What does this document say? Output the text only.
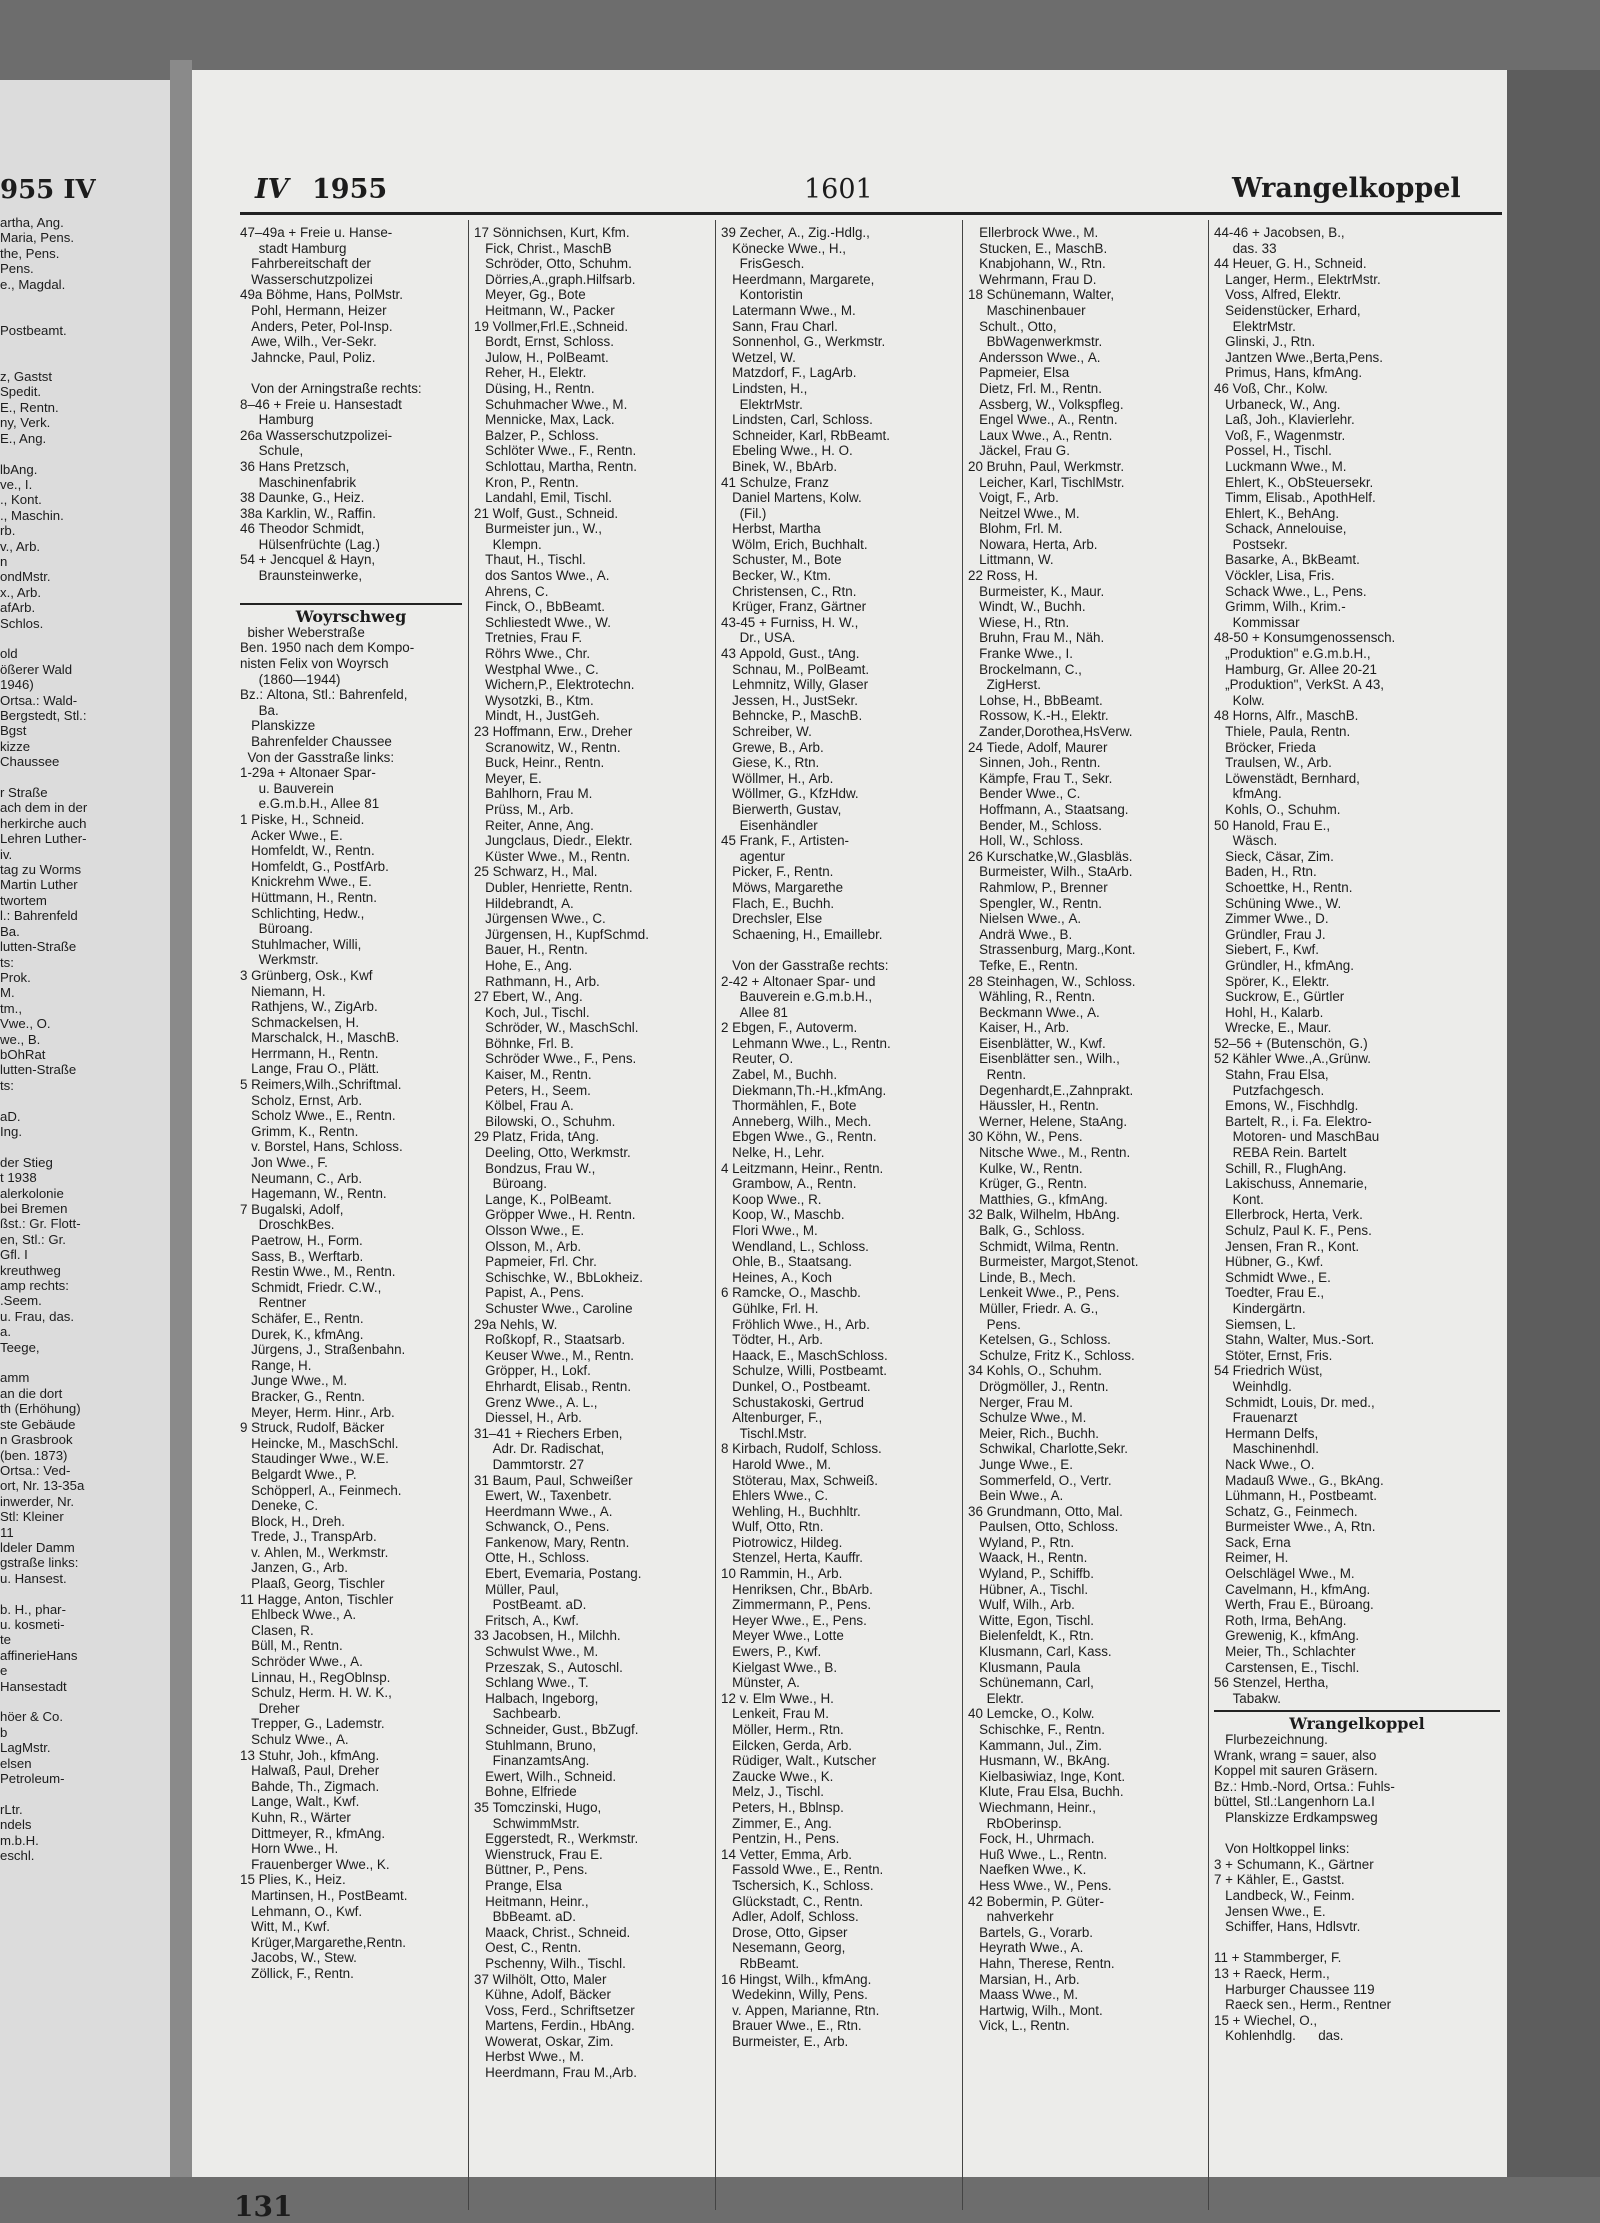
955 IV
artha, Ang.
Maria, Pens.
the, Pens.
Pens.
e., Magdal.

Postbeamt.

z, Gastst
Spedit.
E., Rentn.
ny, Verk.
E., Ang.

lbAng.
ve., I.
., Kont.
., Maschin.
rb.
v., Arb.
n
ondMstr.
x., Arb.
afArb.
Schlos.

old
ößerer Wald
1946)
Ortsa.: Wald-
Bergstedt, Stl.:
Bgst
kizze
Chaussee

r Straße
ach dem in der
herkirche auch
Lehren Luther-
iv.
tag zu Worms
Martin Luther
twortem
l.: Bahrenfeld
Ba.
lutten-Straße
ts:
Prok.
M.
tm.,
Vwe., O.
we., B.
bOhRat
lutten-Straße
ts:

aD.
Ing.

der Stieg
t 1938
alerkolonie
bei Bremen
ßst.: Gr. Flott-
en, Stl.: Gr.
Gfl. I
kreuthweg
amp rechts:
.Seem.
u. Frau, das.
a.
Teege,

amm
an die dort
th (Erhöhung)
ste Gebäude
n Grasbrook
(ben. 1873)
Ortsa.: Ved-
ort, Nr. 13-35a
inwerder, Nr.
Stl: Kleiner
11
ldeler Damm
gstraße links:
u. Hansest.

b. H., phar-
u. kosmeti-
te
affinerieHans
e
Hansestadt

höer & Co.
b
LagMstr.
elsen
Petroleum-

rLtr.
ndels
m.b.H.
eschl.
IV 1955	1601	Wrangelkoppel
47–49a + Freie u. Hanse-
stadt Hamburg
Fahrbereitschaft der
Wasserschutzpolizei
49a Böhme, Hans, PolMstr.
Pohl, Hermann, Heizer
Anders, Peter, Pol-Insp.
Awe, Wilh., Ver-Sekr.
Jahncke, Paul, Poliz.

Von der Arningstraße rechts:
8–46 + Freie u. Hansestadt
Hamburg
26a Wasserschutzpolizei-
Schule,
36 Hans Pretzsch,
Maschinenfabrik
38 Daunke, G., Heiz.
38a Karklin, W., Raffin.
46 Theodor Schmidt,
Hülsenfrüchte (Lag.)
54 + Jencquel & Hayn,
Braunsteinwerke,

Woyrschweg
bisher Weberstraße
Ben. 1950 nach dem Kompo-
nisten Felix von Woyrsch
(1860—1944)
Bz.: Altona, Stl.: Bahrenfeld,
Ba.
Planskizze
Bahrenfelder Chaussee
Von der Gasstraße links:
1-29a + Altonaer Spar-
u. Bauverein
e.G.m.b.H., Allee 81
1 Piske, H., Schneid.
Acker Wwe., E.
Homfeldt, W., Rentn.
Homfeldt, G., PostfArb.
Knickrehm Wwe., E.
Hüttmann, H., Rentn.
Schlichting, Hedw.,
Büroang.
Stuhlmacher, Willi,
Werkmstr.
3 Grünberg, Osk., Kwf
Niemann, H.
Rathjens, W., ZigArb.
Schmackelsen, H.
Marschalck, H., MaschB.
Herrmann, H., Rentn.
Lange, Frau O., Plätt.
5 Reimers,Wilh.,Schriftmal.
Scholz, Ernst, Arb.
Scholz Wwe., E., Rentn.
Grimm, K., Rentn.
v. Borstel, Hans, Schloss.
Jon Wwe., F.
Neumann, C., Arb.
Hagemann, W., Rentn.
7 Bugalski, Adolf,
DroschkBes.
Paetrow, H., Form.
Sass, B., Werftarb.
Restin Wwe., M., Rentn.
Schmidt, Friedr. C.W.,
Rentner
Schäfer, E., Rentn.
Durek, K., kfmAng.
Jürgens, J., Straßenbahn.
Range, H.
Junge Wwe., M.
Bracker, G., Rentn.
Meyer, Herm. Hinr., Arb.
9 Struck, Rudolf, Bäcker
Heincke, M., MaschSchl.
Staudinger Wwe., W.E.
Belgardt Wwe., P.
Schöpperl, A., Feinmech.
Deneke, C.
Block, H., Dreh.
Trede, J., TranspArb.
v. Ahlen, M., Werkmstr.
Janzen, G., Arb.
Plaaß, Georg, Tischler
11 Hagge, Anton, Tischler
Ehlbeck Wwe., A.
Clasen, R.
Büll, M., Rentn.
Schröder Wwe., A.
Linnau, H., RegOblnsp.
Schulz, Herm. H. W. K.,
Dreher
Trepper, G., Lademstr.
Schulz Wwe., A.
13 Stuhr, Joh., kfmAng.
Halwaß, Paul, Dreher
Bahde, Th., Zigmach.
Lange, Walt., Kwf.
Kuhn, R., Wärter
Dittmeyer, R., kfmAng.
Horn Wwe., H.
Frauenberger Wwe., K.
15 Plies, K., Heiz.
Martinsen, H., PostBeamt.
Lehmann, O., Kwf.
Witt, M., Kwf.
Krüger,Margarethe,Rentn.
Jacobs, W., Stew.
Zöllick, F., Rentn.
17 Sönnichsen, Kurt, Kfm.
Fick, Christ., MaschB
Schröder, Otto, Schuhm.
Dörries,A.,graph.Hilfsarb.
Meyer, Gg., Bote
Heitmann, W., Packer
19 Vollmer,Frl.E.,Schneid.
Bordt, Ernst, Schloss.
Julow, H., PolBeamt.
Reher, H., Elektr.
Düsing, H., Rentn.
Schuhmacher Wwe., M.
Mennicke, Max, Lack.
Balzer, P., Schloss.
Schlöter Wwe., F., Rentn.
Schlottau, Martha, Rentn.
Kron, P., Rentn.
Landahl, Emil, Tischl.
21 Wolf, Gust., Schneid.
Burmeister jun., W.,
Klempn.
Thaut, H., Tischl.
dos Santos Wwe., A.
Ahrens, C.
Finck, O., BbBeamt.
Schliestedt Wwe., W.
Tretnies, Frau F.
Röhrs Wwe., Chr.
Westphal Wwe., C.
Wichern,P., Elektrotechn.
Wysotzki, B., Ktm.
Mindt, H., JustGeh.
23 Hoffmann, Erw., Dreher
Scranowitz, W., Rentn.
Buck, Heinr., Rentn.
Meyer, E.
Bahlhorn, Frau M.
Prüss, M., Arb.
Reiter, Anne, Ang.
Jungclaus, Diedr., Elektr.
Küster Wwe., M., Rentn.
25 Schwarz, H., Mal.
Dubler, Henriette, Rentn.
Hildebrandt, A.
Jürgensen Wwe., C.
Jürgensen, H., KupfSchmd.
Bauer, H., Rentn.
Hohe, E., Ang.
Rathmann, H., Arb.
27 Ebert, W., Ang.
Koch, Jul., Tischl.
Schröder, W., MaschSchl.
Böhnke, Frl. B.
Schröder Wwe., F., Pens.
Kaiser, M., Rentn.
Peters, H., Seem.
Kölbel, Frau A.
Bilowski, O., Schuhm.
29 Platz, Frida, tAng.
Deeling, Otto, Werkmstr.
Bondzus, Frau W.,
Büroang.
Lange, K., PolBeamt.
Gröpper Wwe., H. Rentn.
Olsson Wwe., E.
Olsson, M., Arb.
Papmeier, Frl. Chr.
Schischke, W., BbLokheiz.
Papist, A., Pens.
Schuster Wwe., Caroline
29a Nehls, W.
Roßkopf, R., Staatsarb.
Keuser Wwe., M., Rentn.
Gröpper, H., Lokf.
Ehrhardt, Elisab., Rentn.
Grenz Wwe., A. L.,
Diessel, H., Arb.
31–41 + Riechers Erben,
Adr. Dr. Radischat,
Dammtorstr. 27
31 Baum, Paul, Schweißer
Ewert, W., Taxenbetr.
Heerdmann Wwe., A.
Schwanck, O., Pens.
Fankenow, Mary, Rentn.
Otte, H., Schloss.
Ebert, Evemaria, Postang.
Müller, Paul,
PostBeamt. aD.
Fritsch, A., Kwf.
33 Jacobsen, H., Milchh.
Schwulst Wwe., M.
Przeszak, S., Autoschl.
Schlang Wwe., T.
Halbach, Ingeborg,
Sachbearb.
Schneider, Gust., BbZugf.
Stuhlmann, Bruno,
FinanzamtsAng.
Ewert, Wilh., Schneid.
Bohne, Elfriede
35 Tomczinski, Hugo,
SchwimmMstr.
Eggerstedt, R., Werkmstr.
Wienstruck, Frau E.
Büttner, P., Pens.
Prange, Elsa
Heitmann, Heinr.,
BbBeamt. aD.
Maack, Christ., Schneid.
Oest, C., Rentn.
Pschenny, Wilh., Tischl.
37 Wilhölt, Otto, Maler
Kühne, Adolf, Bäcker
Voss, Ferd., Schriftsetzer
Martens, Ferdin., HbAng.
Wowerat, Oskar, Zim.
Herbst Wwe., M.
Heerdmann, Frau M.,Arb.
39 Zecher, A., Zig.-Hdlg.,
Könecke Wwe., H.,
FrisGesch.
Heerdmann, Margarete,
Kontoristin
Latermann Wwe., M.
Sann, Frau Charl.
Sonnenhol, G., Werkmstr.
Wetzel, W.
Matzdorf, F., LagArb.
Lindsten, H.,
ElektrMstr.
Lindsten, Carl, Schloss.
Schneider, Karl, RbBeamt.
Ebeling Wwe., H. O.
Binek, W., BbArb.
41 Schulze, Franz
Daniel Martens, Kolw.
(Fil.)
Herbst, Martha
Wölm, Erich, Buchhalt.
Schuster, M., Bote
Becker, W., Ktm.
Christensen, C., Rtn.
Krüger, Franz, Gärtner
43-45 + Furniss, H. W.,
Dr., USA.
43 Appold, Gust., tAng.
Schnau, M., PolBeamt.
Lehmnitz, Willy, Glaser
Jessen, H., JustSekr.
Behncke, P., MaschB.
Schreiber, W.
Grewe, B., Arb.
Giese, K., Rtn.
Wöllmer, H., Arb.
Wöllmer, G., KfzHdw.
Bierwerth, Gustav,
Eisenhändler
45 Frank, F., Artisten-
agentur
Picker, F., Rentn.
Möws, Margarethe
Flach, E., Buchh.
Drechsler, Else
Schaening, H., Emaillebr.

Von der Gasstraße rechts:
2-42 + Altonaer Spar- und
Bauverein e.G.m.b.H.,
Allee 81
2 Ebgen, F., Autoverm.
Lehmann Wwe., L., Rentn.
Reuter, O.
Zabel, M., Buchh.
Diekmann,Th.-H.,kfmAng.
Thormählen, F., Bote
Anneberg, Wilh., Mech.
Ebgen Wwe., G., Rentn.
Nelke, H., Lehr.
4 Leitzmann, Heinr., Rentn.
Grambow, A., Rentn.
Koop Wwe., R.
Koop, W., Maschb.
Flori Wwe., M.
Wendland, L., Schloss.
Ohle, B., Staatsang.
Heines, A., Koch
6 Ramcke, O., Maschb.
Gühlke, Frl. H.
Fröhlich Wwe., H., Arb.
Tödter, H., Arb.
Haack, E., MaschSchloss.
Schulze, Willi, Postbeamt.
Dunkel, O., Postbeamt.
Schustakoski, Gertrud
Altenburger, F.,
Tischl.Mstr.
8 Kirbach, Rudolf, Schloss.
Harold Wwe., M.
Stöterau, Max, Schweiß.
Ehlers Wwe., C.
Wehling, H., Buchhltr.
Wulf, Otto, Rtn.
Piotrowicz, Hildeg.
Stenzel, Herta, Kauffr.
10 Rammin, H., Arb.
Henriksen, Chr., BbArb.
Zimmermann, P., Pens.
Heyer Wwe., E., Pens.
Meyer Wwe., Lotte
Ewers, P., Kwf.
Kielgast Wwe., B.
Münster, A.
12 v. Elm Wwe., H.
Lenkeit, Frau M.
Möller, Herm., Rtn.
Eilcken, Gerda, Arb.
Rüdiger, Walt., Kutscher
Zaucke Wwe., K.
Melz, J., Tischl.
Peters, H., Bblnsp.
Zimmer, E., Ang.
Pentzin, H., Pens.
14 Vetter, Emma, Arb.
Fassold Wwe., E., Rentn.
Tschersich, K., Schloss.
Glückstadt, C., Rentn.
Adler, Adolf, Schloss.
Drose, Otto, Gipser
Nesemann, Georg,
RbBeamt.
16 Hingst, Wilh., kfmAng.
Wedekinn, Willy, Pens.
v. Appen, Marianne, Rtn.
Brauer Wwe., E., Rtn.
Burmeister, E., Arb.
Ellerbrock Wwe., M.
Stucken, E., MaschB.
Knabjohann, W., Rtn.
Wehrmann, Frau D.
18 Schünemann, Walter,
Maschinenbauer
Schult., Otto,
BbWagenwerkmstr.
Andersson Wwe., A.
Papmeier, Elsa
Dietz, Frl. M., Rentn.
Assberg, W., Volkspfleg.
Engel Wwe., A., Rentn.
Laux Wwe., A., Rentn.
Jäckel, Frau G.
20 Bruhn, Paul, Werkmstr.
Leicher, Karl, TischlMstr.
Voigt, F., Arb.
Neitzel Wwe., M.
Blohm, Frl. M.
Nowara, Herta, Arb.
Littmann, W.
22 Ross, H.
Burmeister, K., Maur.
Windt, W., Buchh.
Wiese, H., Rtn.
Bruhn, Frau M., Näh.
Franke Wwe., I.
Brockelmann, C.,
ZigHerst.
Lohse, H., BbBeamt.
Rossow, K.-H., Elektr.
Zander,Dorothea,HsVerw.
24 Tiede, Adolf, Maurer
Sinnen, Joh., Rentn.
Kämpfe, Frau T., Sekr.
Bender Wwe., C.
Hoffmann, A., Staatsang.
Bender, M., Schloss.
Holl, W., Schloss.
26 Kurschatke,W.,Glasbläs.
Burmeister, Wilh., StaArb.
Rahmlow, P., Brenner
Spengler, W., Rentn.
Nielsen Wwe., A.
Andrä Wwe., B.
Strassenburg, Marg.,Kont.
Tefke, E., Rentn.
28 Steinhagen, W., Schloss.
Wähling, R., Rentn.
Beckmann Wwe., A.
Kaiser, H., Arb.
Eisenblätter, W., Kwf.
Eisenblätter sen., Wilh.,
Rentn.
Degenhardt,E.,Zahnprakt.
Häussler, H., Rentn.
Werner, Helene, StaAng.
30 Köhn, W., Pens.
Nitsche Wwe., M., Rentn.
Kulke, W., Rentn.
Krüger, G., Rentn.
Matthies, G., kfmAng.
32 Balk, Wilhelm, HbAng.
Balk, G., Schloss.
Schmidt, Wilma, Rentn.
Burmeister, Margot,Stenot.
Linde, B., Mech.
Lenkeit Wwe., P., Pens.
Müller, Friedr. A. G.,
Pens.
Ketelsen, G., Schloss.
Schulze, Fritz K., Schloss.
34 Kohls, O., Schuhm.
Drögmöller, J., Rentn.
Nerger, Frau M.
Schulze Wwe., M.
Meier, Rich., Buchh.
Schwikal, Charlotte,Sekr.
Junge Wwe., E.
Sommerfeld, O., Vertr.
Bein Wwe., A.
36 Grundmann, Otto, Mal.
Paulsen, Otto, Schloss.
Wyland, P., Rtn.
Waack, H., Rentn.
Wyland, P., Schiffb.
Hübner, A., Tischl.
Wulf, Wilh., Arb.
Witte, Egon, Tischl.
Bielenfeldt, K., Rtn.
Klusmann, Carl, Kass.
Klusmann, Paula
Schünemann, Carl,
Elektr.
40 Lemcke, O., Kolw.
Schischke, F., Rentn.
Kammann, Jul., Zim.
Husmann, W., BkAng.
Kielbasiwiaz, Inge, Kont.
Klute, Frau Elsa, Buchh.
Wiechmann, Heinr.,
RbOberinsp.
Fock, H., Uhrmach.
Huß Wwe., L., Rentn.
Naefken Wwe., K.
Hess Wwe., W., Pens.
42 Bobermin, P. Güter-
nahverkehr
Bartels, G., Vorarb.
Heyrath Wwe., A.
Hahn, Therese, Rentn.
Marsian, H., Arb.
Maass Wwe., M.
Hartwig, Wilh., Mont.
Vick, L., Rentn.
44-46 + Jacobsen, B.,
das. 33
44 Heuer, G. H., Schneid.
Langer, Herm., ElektrMstr.
Voss, Alfred, Elektr.
Seidenstücker, Erhard,
ElektrMstr.
Glinski, J., Rtn.
Jantzen Wwe.,Berta,Pens.
Primus, Hans, kfmAng.
46 Voß, Chr., Kolw.
Urbaneck, W., Ang.
Laß, Joh., Klavierlehr.
Voß, F., Wagenmstr.
Possel, H., Tischl.
Luckmann Wwe., M.
Ehlert, K., ObSteuersekr.
Timm, Elisab., ApothHelf.
Ehlert, K., BehAng.
Schack, Annelouise,
Postsekr.
Basarke, A., BkBeamt.
Vöckler, Lisa, Fris.
Schack Wwe., L., Pens.
Grimm, Wilh., Krim.-
Kommissar
48-50 + Konsumgenossensch.
„Produktion" e.G.m.b.H.,
Hamburg, Gr. Allee 20-21
„Produktion", VerkSt. A 43,
Kolw.
48 Horns, Alfr., MaschB.
Thiele, Paula, Rentn.
Bröcker, Frieda
Traulsen, W., Arb.
Löwenstädt, Bernhard,
kfmAng.
Kohls, O., Schuhm.
50 Hanold, Frau E.,
Wäsch.
Sieck, Cäsar, Zim.
Baden, H., Rtn.
Schoettke, H., Rentn.
Schüning Wwe., W.
Zimmer Wwe., D.
Gründler, Frau J.
Siebert, F., Kwf.
Gründler, H., kfmAng.
Spörer, K., Elektr.
Suckrow, E., Gürtler
Hohl, H., Kalarb.
Wrecke, E., Maur.
52–56 + (Butenschön, G.)
52 Kähler Wwe.,A.,Grünw.
Stahn, Frau Elsa,
Putzfachgesch.
Emons, W., Fischhdlg.
Bartelt, R., i. Fa. Elektro-
Motoren- und MaschBau
REBA Rein. Bartelt
Schill, R., FlughAng.
Lakischuss, Annemarie,
Kont.
Ellerbrock, Herta, Verk.
Schulz, Paul K. F., Pens.
Jensen, Fran R., Kont.
Hübner, G., Kwf.
Schmidt Wwe., E.
Toedter, Frau E.,
Kindergärtn.
Siemsen, L.
Stahn, Walter, Mus.-Sort.
Stöter, Ernst, Fris.
54 Friedrich Wüst,
Weinhdlg.
Schmidt, Louis, Dr. med.,
Frauenarzt
Hermann Delfs,
Maschinenhdl.
Nack Wwe., O.
Madauß Wwe., G., BkAng.
Lühmann, H., Postbeamt.
Schatz, G., Feinmech.
Burmeister Wwe., A, Rtn.
Sack, Erna
Reimer, H.
Oelschlägel Wwe., M.
Cavelmann, H., kfmAng.
Werth, Frau E., Büroang.
Roth, Irma, BehAng.
Grewenig, K., kfmAng.
Meier, Th., Schlachter
Carstensen, E., Tischl.
56 Stenzel, Hertha,
Tabakw.
Wrangelkoppel
Flurbezeichnung.
Wrank, wrang = sauer, also
Koppel mit sauren Gräsern.
Bz.: Hmb.-Nord, Ortsa.: Fuhls-
büttel, Stl.:Langenhorn La.I
Planskizze Erdkampsweg

Von Holtkoppel links:
3 + Schumann, K., Gärtner
7 + Kähler, E., Gastst.
Landbeck, W., Feinm.
Jensen Wwe., E.
Schiffer, Hans, Hdlsvtr.

11 + Stammberger, F.
13 + Raeck, Herm.,
Harburger Chaussee 119
Raeck sen., Herm., Rentner
15 + Wiechel, O.,
Kohlenhdlg.      das.
131
